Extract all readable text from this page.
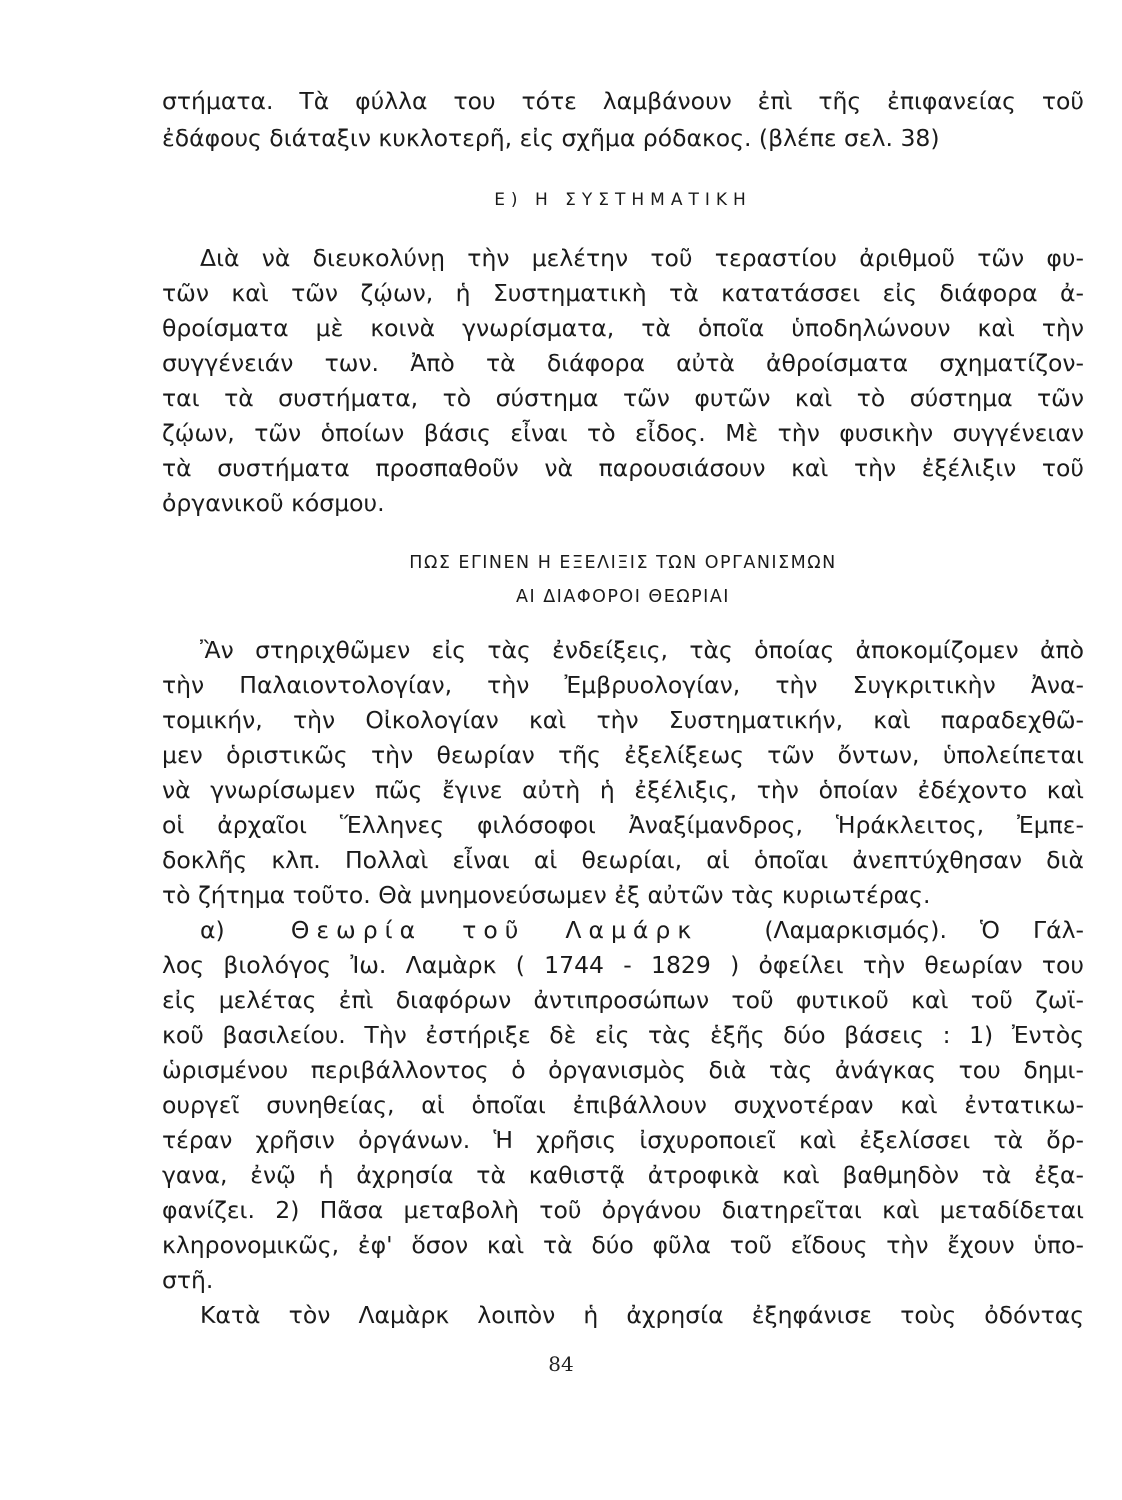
στήματα. Τὰ φύλλα του τότε λαμβάνουν ἐπὶ τῆς ἐπιφανείας τοῦ
ἐδάφους διάταξιν κυκλοτερῆ, εἰς σχῆμα ρόδακος. (βλέπε σελ. 38)
Ε) Η ΣΥΣΤΗΜΑΤΙΚΗ
Διὰ νὰ διευκολύνῃ τὴν μελέτην τοῦ τεραστίου ἀριθμοῦ τῶν φυ-
τῶν καὶ τῶν ζῴων, ἡ Συστηματικὴ τὰ κατατάσσει εἰς διάφορα ἀ-
θροίσματα μὲ κοινὰ γνωρίσματα, τὰ ὁποῖα ὑποδηλώνουν καὶ τὴν
συγγένειάν των. Ἀπὸ τὰ διάφορα αὐτὰ ἀθροίσματα σχηματίζον-
ται τὰ συστήματα, τὸ σύστημα τῶν φυτῶν καὶ τὸ σύστημα τῶν
ζῴων, τῶν ὁποίων βάσις εἶναι τὸ εἶδος. Μὲ τὴν φυσικὴν συγγένειαν
τὰ συστήματα προσπαθοῦν νὰ παρουσιάσουν καὶ τὴν ἐξέλιξιν τοῦ
ὀργανικοῦ κόσμου.
ΠΩΣ ΕΓΙΝΕΝ Η ΕΞΕΛΙΞΙΣ ΤΩΝ ΟΡΓΑΝΙΣΜΩΝ
ΑΙ ΔΙΑΦΟΡΟΙ ΘΕΩΡΙΑΙ
Ἂν στηριχθῶμεν εἰς τὰς ἐνδείξεις, τὰς ὁποίας ἀποκομίζομεν ἀπὸ
τὴν Παλαιοντολογίαν, τὴν Ἐμβρυολογίαν, τὴν Συγκριτικὴν Ἀνα-
τομικήν, τὴν Οἰκολογίαν καὶ τὴν Συστηματικήν, καὶ παραδεχθῶ-
μεν ὁριστικῶς τὴν θεωρίαν τῆς ἐξελίξεως τῶν ὄντων, ὑπολείπεται
νὰ γνωρίσωμεν πῶς ἔγινε αὐτὴ ἡ ἐξέλιξις, τὴν ὁποίαν ἐδέχοντο καὶ
οἱ ἀρχαῖοι Ἕλληνες φιλόσοφοι Ἀναξίμανδρος, Ἡράκλειτος, Ἐμπε-
δοκλῆς κλπ. Πολλαὶ εἶναι αἱ θεωρίαι, αἱ ὁποῖαι ἀνεπτύχθησαν διὰ
τὸ ζήτημα τοῦτο. Θὰ μνημονεύσωμεν ἐξ αὐτῶν τὰς κυριωτέρας.
α)	Θεωρία τοῦ Λαμάρκ	(Λαμαρκισμός). Ὁ Γάλ-
λος βιολόγος Ἰω. Λαμὰρκ ( 1744 - 1829 ) ὀφείλει τὴν θεωρίαν του
εἰς μελέτας ἐπὶ διαφόρων ἀντιπροσώπων τοῦ φυτικοῦ καὶ τοῦ ζωϊ-
κοῦ βασιλείου. Τὴν ἐστήριξε δὲ εἰς τὰς ἑξῆς δύο βάσεις : 1) Ἐντὸς
ὡρισμένου περιβάλλοντος ὁ ὀργανισμὸς διὰ τὰς ἀνάγκας του δημι-
ουργεῖ συνηθείας, αἱ ὁποῖαι ἐπιβάλλουν συχνοτέραν καὶ ἐντατικω-
τέραν χρῆσιν ὀργάνων. Ἡ χρῆσις ἰσχυροποιεῖ καὶ ἐξελίσσει τὰ ὄρ-
γανα, ἐνῷ ἡ ἀχρησία τὰ καθιστᾷ ἀτροφικὰ καὶ βαθμηδὸν τὰ ἐξα-
φανίζει. 2) Πᾶσα μεταβολὴ τοῦ ὀργάνου διατηρεῖται καὶ μεταδίδεται
κληρονομικῶς, ἐφ' ὅσον καὶ τὰ δύο φῦλα τοῦ εἴδους τὴν ἔχουν ὑπο-
στῆ.
Κατὰ τὸν Λαμὰρκ λοιπὸν ἡ ἀχρησία ἐξηφάνισε τοὺς ὀδόντας
84
